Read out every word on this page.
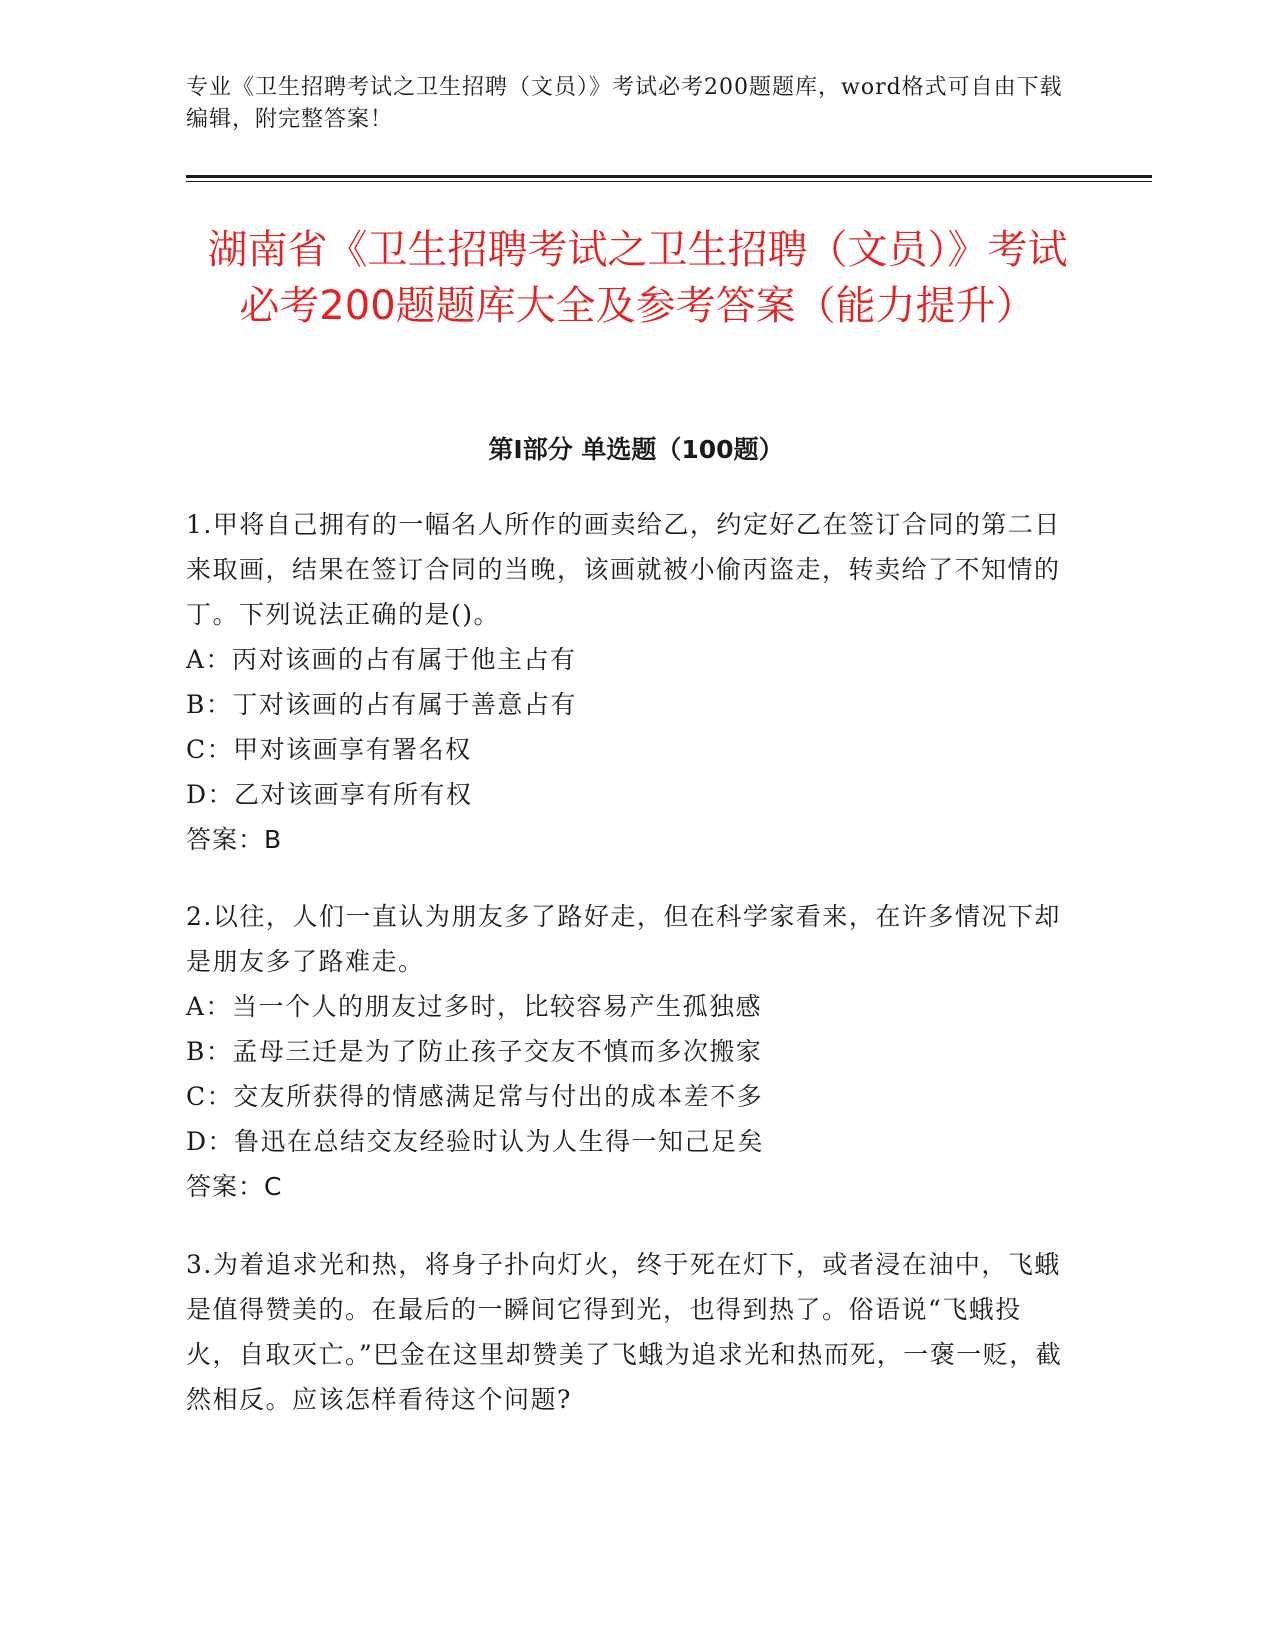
专业《卫生招聘考试之卫生招聘（文员）》考试必考200题题库，word格式可自由下载编辑，附完整答案！
湖南省《卫生招聘考试之卫生招聘（文员）》考试必考200题题库大全及参考答案（能力提升）
第Ⅰ部分 单选题（100题）

1.甲将自己拥有的一幅名人所作的画卖给乙，约定好乙在签订合同的第二日来取画，结果在签订合同的当晚，该画就被小偷丙盗走，转卖给了不知情的丁。下列说法正确的是()。

A：丙对该画的占有属于他主占有

B：丁对该画的占有属于善意占有

C：甲对该画享有署名权

D：乙对该画享有所有权

答案：B

2.以往，人们一直认为朋友多了路好走，但在科学家看来，在许多情况下却是朋友多了路难走。

A：当一个人的朋友过多时，比较容易产生孤独感

B：孟母三迁是为了防止孩子交友不慎而多次搬家

C：交友所获得的情感满足常与付出的成本差不多

D：鲁迅在总结交友经验时认为人生得一知己足矣

答案：C

3.为着追求光和热，将身子扑向灯火，终于死在灯下，或者浸在油中，飞蛾是值得赞美的。在最后的一瞬间它得到光，也得到热了。俗语说“飞蛾投火，自取灭亡。”巴金在这里却赞美了飞蛾为追求光和热而死，一褒一贬，截然相反。应该怎样看待这个问题?
